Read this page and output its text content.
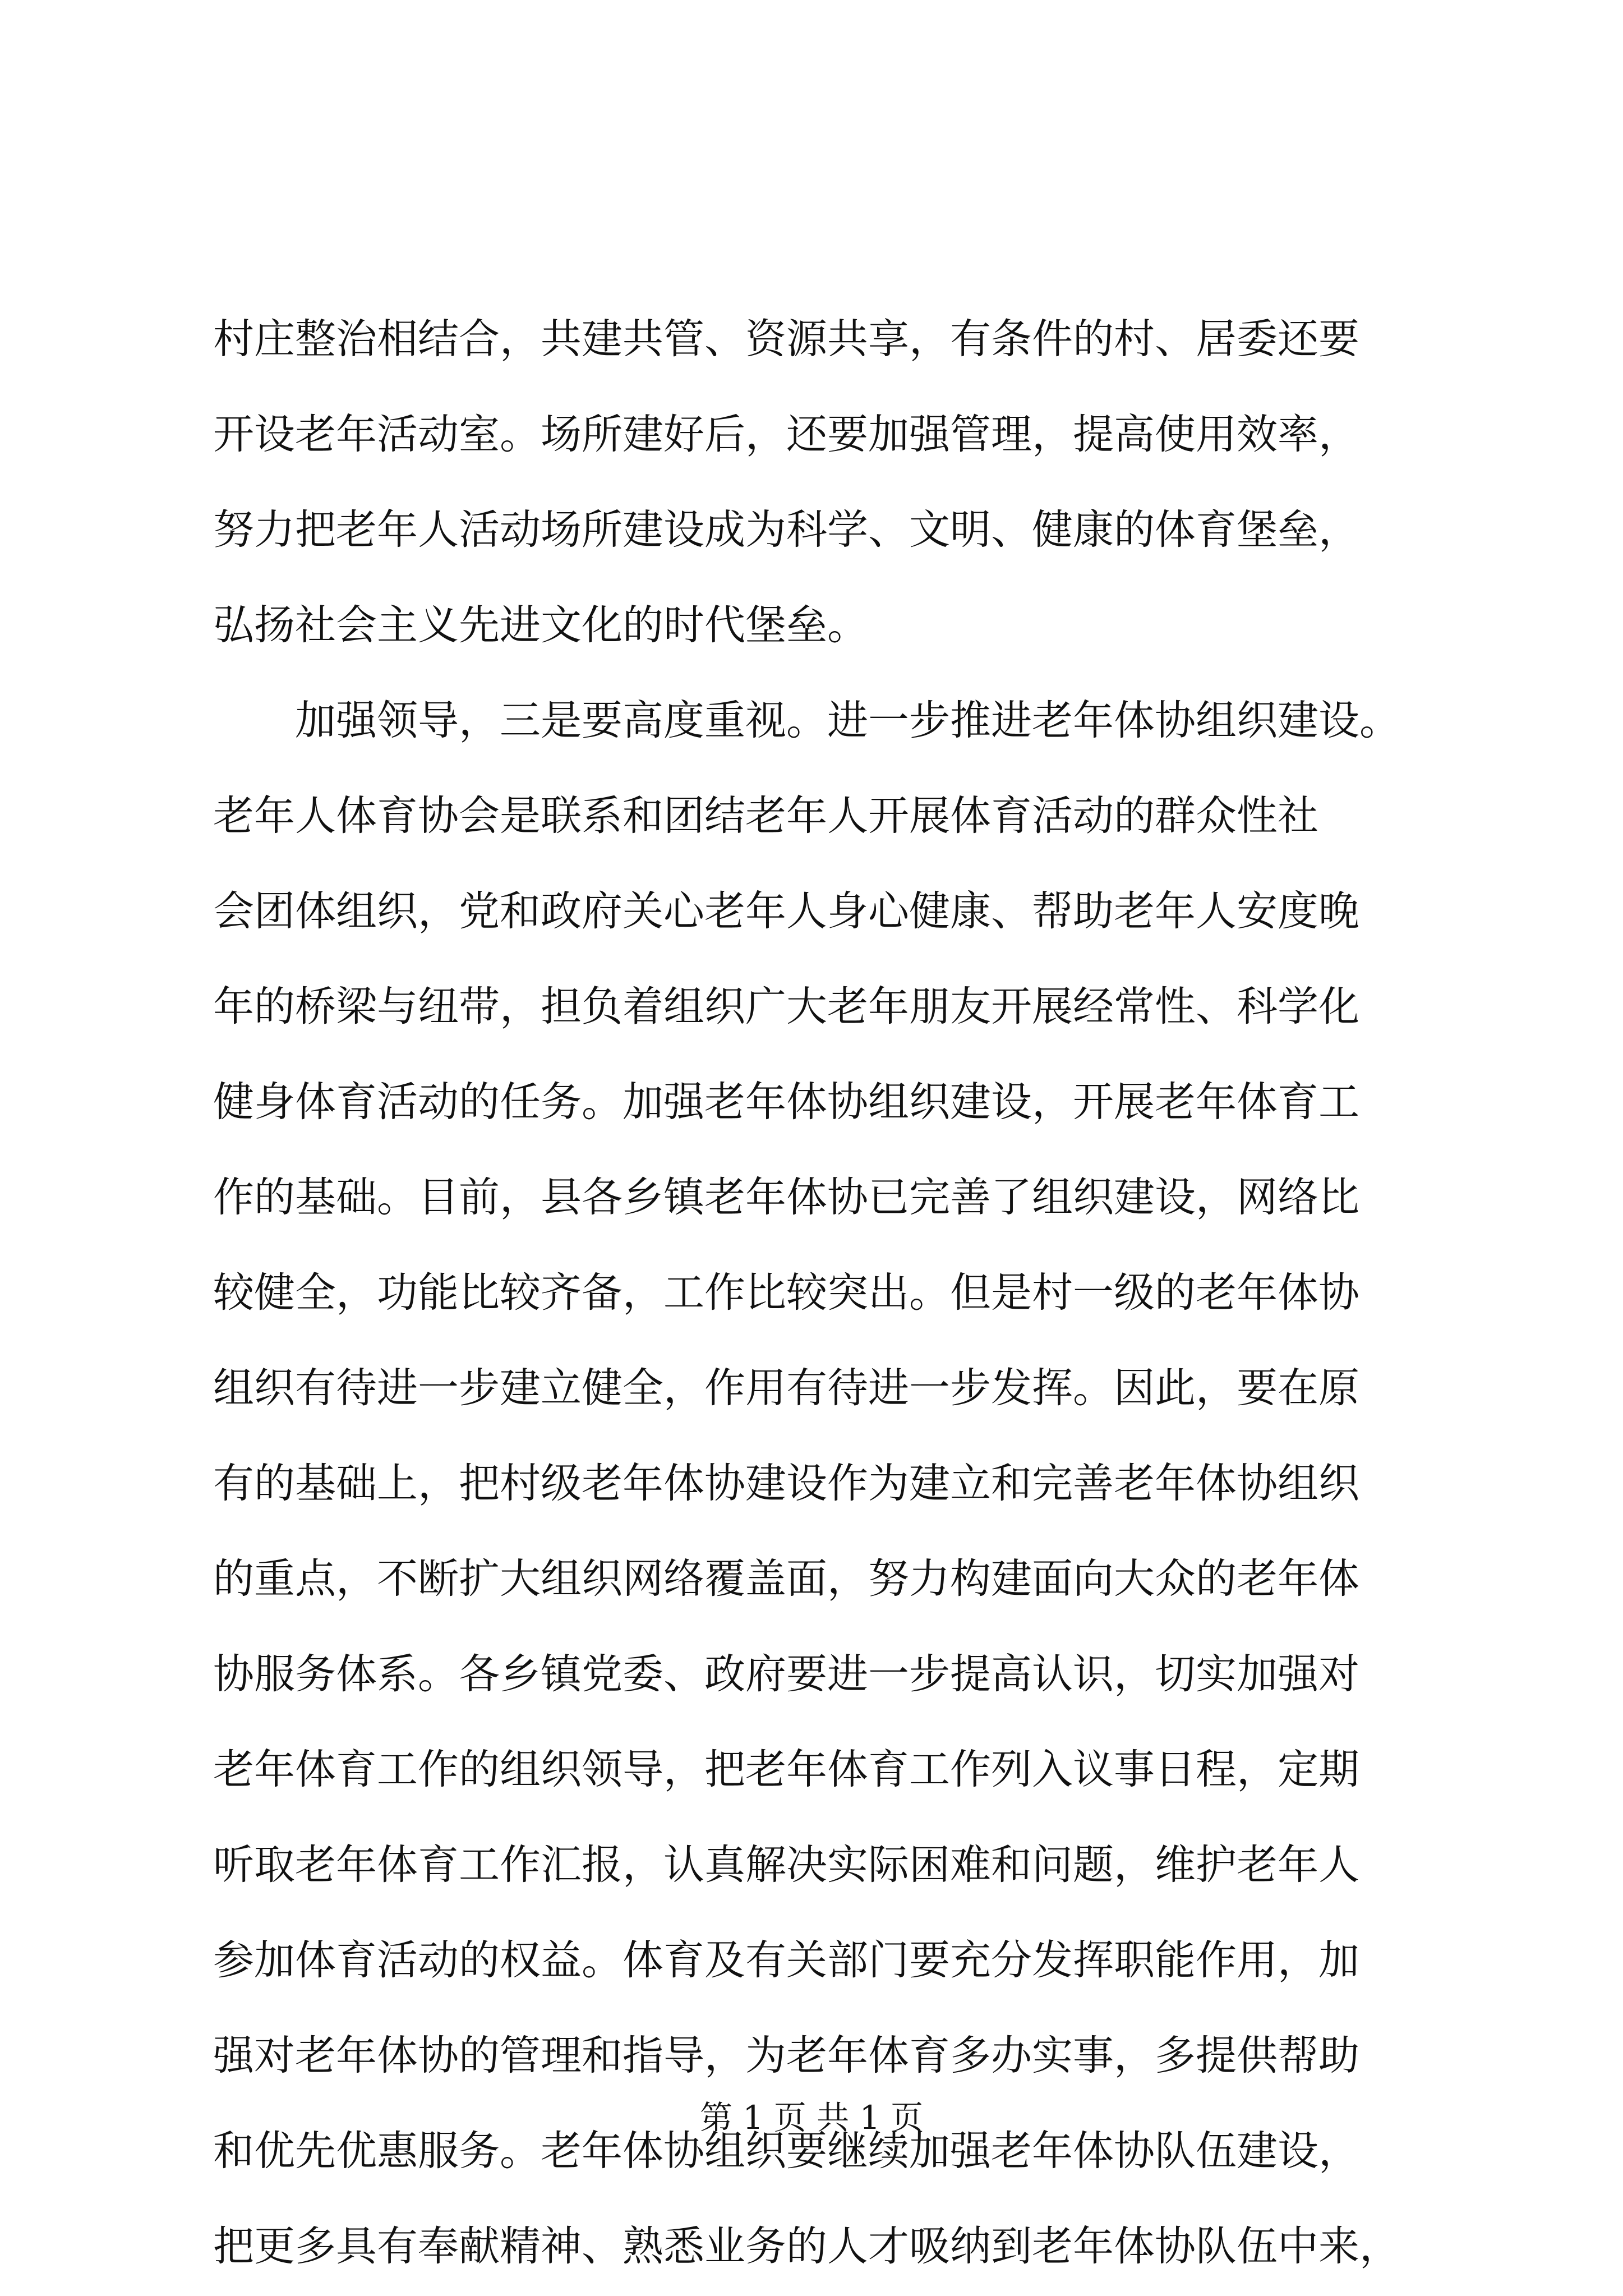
村庄整治相结合，共建共管、资源共享，有条件的村、居委还要
开设老年活动室。场所建好后，还要加强管理，提高使用效率，
努力把老年人活动场所建设成为科学、文明、健康的体育堡垒，
弘扬社会主义先进文化的时代堡垒。
加强领导，三是要高度重视。进一步推进老年体协组织建设。
老年人体育协会是联系和团结老年人开展体育活动的群众性社
会团体组织，党和政府关心老年人身心健康、帮助老年人安度晚
年的桥梁与纽带，担负着组织广大老年朋友开展经常性、科学化
健身体育活动的任务。加强老年体协组织建设，开展老年体育工
作的基础。目前，县各乡镇老年体协已完善了组织建设，网络比
较健全，功能比较齐备，工作比较突出。但是村一级的老年体协
组织有待进一步建立健全，作用有待进一步发挥。因此，要在原
有的基础上，把村级老年体协建设作为建立和完善老年体协组织
的重点，不断扩大组织网络覆盖面，努力构建面向大众的老年体
协服务体系。各乡镇党委、政府要进一步提高认识，切实加强对
老年体育工作的组织领导，把老年体育工作列入议事日程，定期
听取老年体育工作汇报，认真解决实际困难和问题，维护老年人
参加体育活动的权益。体育及有关部门要充分发挥职能作用，加
强对老年体协的管理和指导，为老年体育多办实事，多提供帮助
和优先优惠服务。老年体协组织要继续加强老年体协队伍建设，
把更多具有奉献精神、熟悉业务的人才吸纳到老年体协队伍中来，
第 1 页 共 1 页
